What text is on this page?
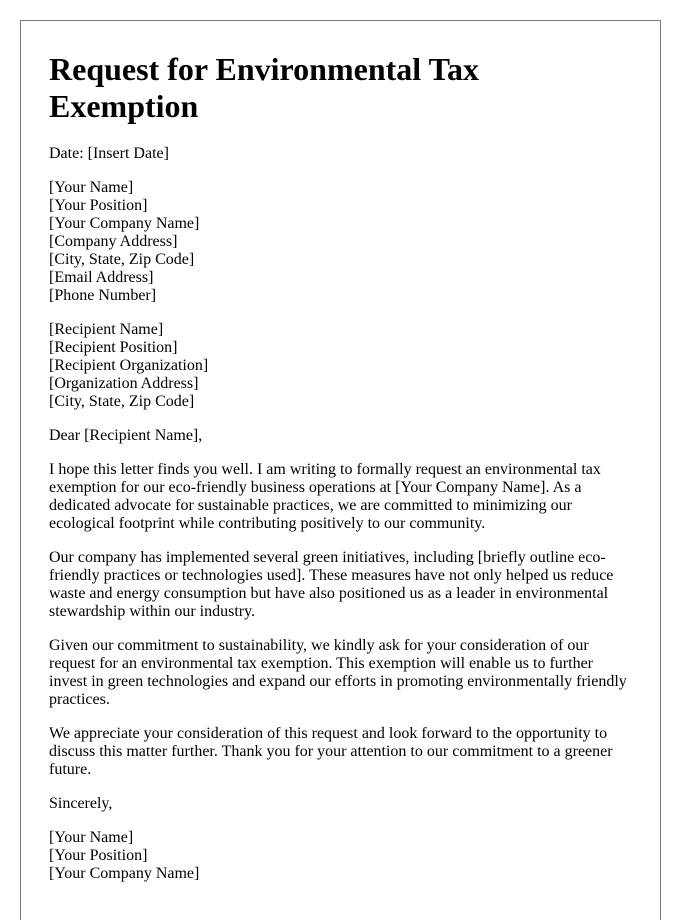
Request for Environmental Tax Exemption
Date: [Insert Date]
[Your Name]
[Your Position]
[Your Company Name]
[Company Address]
[City, State, Zip Code]
[Email Address]
[Phone Number]
[Recipient Name]
[Recipient Position]
[Recipient Organization]
[Organization Address]
[City, State, Zip Code]
Dear [Recipient Name],

I hope this letter finds you well. I am writing to formally request an environmental tax exemption for our eco-friendly business operations at [Your Company Name]. As a dedicated advocate for sustainable practices, we are committed to minimizing our ecological footprint while contributing positively to our community.

Our company has implemented several green initiatives, including [briefly outline eco-friendly practices or technologies used]. These measures have not only helped us reduce waste and energy consumption but have also positioned us as a leader in environmental stewardship within our industry.

Given our commitment to sustainability, we kindly ask for your consideration of our request for an environmental tax exemption. This exemption will enable us to further invest in green technologies and expand our efforts in promoting environmentally friendly practices.

We appreciate your consideration of this request and look forward to the opportunity to discuss this matter further. Thank you for your attention to our commitment to a greener future.

Sincerely,
[Your Name]
[Your Position]
[Your Company Name]
